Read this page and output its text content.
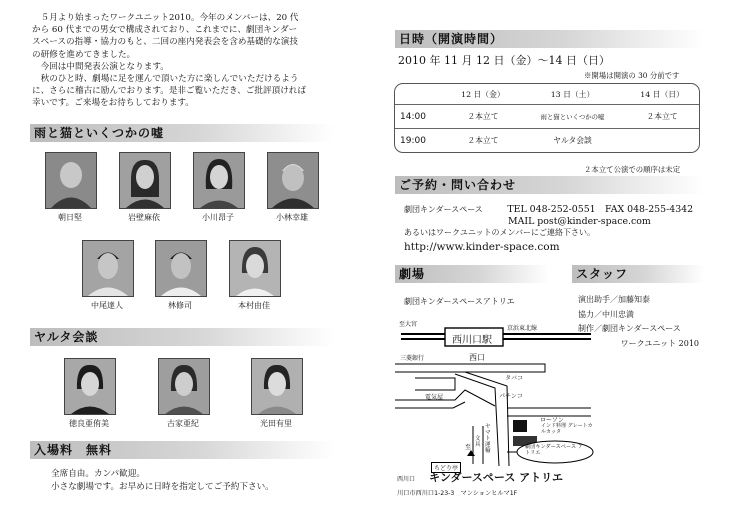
　５月より始まったワークユニット2010。今年のメンバーは、20 代

から 60 代までの男女で構成されており、これまでに、劇団キンダー

スペースの指導・協力のもと、二回の座内発表会を含め基礎的な演技

の研修を進めてきました。

　今回は中間発表公演となります。

　秋のひと時、劇場に足を運んで頂いた方に楽しんでいただけるよう

に、さらに稽古に励んでおります。是非ご覧いただき、ご批評頂ければ

幸いです。ご来場をお待ちしております。

雨と猫といくつかの嘘
朝日堅	岩壁麻依	小川昂子	小林幸雄
中尾達人	林修司	本村由佳
ヤルタ会談
徳良亜侑美	古家亜紀	光田有里
入場料　無料
全席自由。カンパ歓迎。
小さな劇場です。お早めに日時を指定してご予約下さい。
日時（開演時間）
2010 年 11 月 12 日（金）〜14 日（日）
※開場は開演の 30 分前です
	12 日（金）	13 日（土）	14 日（日）
14:00	２本立て	雨と猫といくつかの嘘	２本立て
19:00	２本立て	ヤルタ会談	
２本立て公演での順序は未定
ご予約・問い合わせ
劇団キンダースペース	TEL 048-252-0551　FAX 048-255-4342
MAIL post@kinder-space.com
あるいはワークユニットのメンバーにご連絡下さい。
http://www.kinder-space.com
劇場	スタッフ
劇団キンダースペースアトリエ	演出助手／加藤知泰
協力／中川忠満
制作／劇団キンダースペース
ワークユニット 2010
至大宮
京浜東北線
西川口駅
三菱銀行	西口
タバコ
パチンコ
電気屋
ローソン
インド料理 グレートカルカッタ
劇団キンダースペース アトリエ
至
ちどり亭
ヤマト運輸
文具
西川口 キンダースペース アトリエ
川口市西川口1-23-3　マンションヒルマ1F
